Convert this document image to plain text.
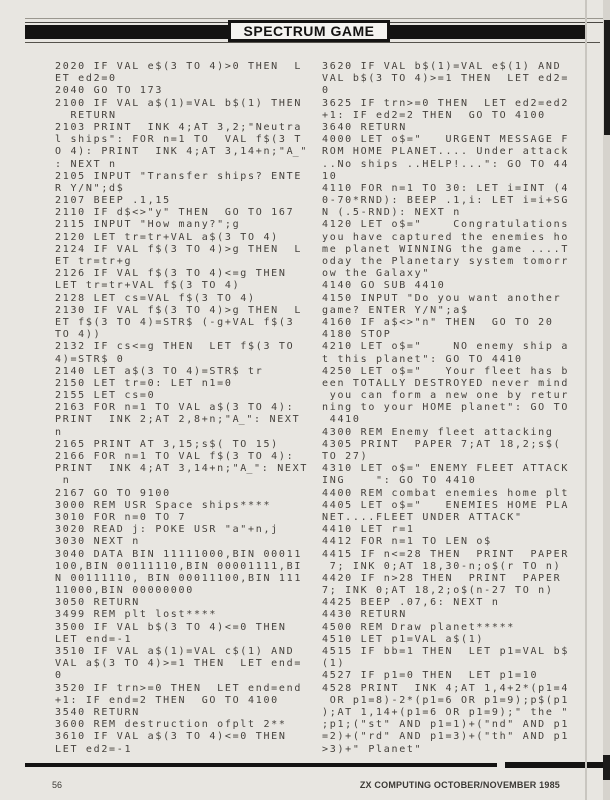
SPECTRUM GAME
2020 IF VAL e$(3 TO 4)>0 THEN  L
ET ed2=0
2040 GO TO 173
2100 IF VAL a$(1)=VAL b$(1) THEN
RETURN
2103 PRINT  INK 4;AT 3,2;"Neutra
l ships": FOR n=1 TO  VAL f$(3 T
O 4): PRINT  INK 4;AT 3,14+n;"A̲"
: NEXT n
2105 INPUT "Transfer ships? ENTE
R Y/N";d$
2107 BEEP .1,15
2110 IF d$<>"y" THEN  GO TO 167
2115 INPUT "How many?";g
2120 LET tr=tr+VAL a$(3 TO 4)
2124 IF VAL f$(3 TO 4)>g THEN  L
ET tr=tr+g
2126 IF VAL f$(3 TO 4)<=g THEN
LET tr=tr+VAL f$(3 TO 4)
2128 LET cs=VAL f$(3 TO 4)
2130 IF VAL f$(3 TO 4)>g THEN  L
ET f$(3 TO 4)=STR$ (-g+VAL f$(3
TO 4))
2132 IF cs<=g THEN  LET f$(3 TO
4)=STR$ 0
2140 LET a$(3 TO 4)=STR$ tr
2150 LET tr=0: LET n1=0
2155 LET cs=0
2163 FOR n=1 TO VAL a$(3 TO 4):
PRINT  INK 2;AT 2,8+n;"A̲": NEXT
n
2165 PRINT AT 3,15;s$( TO 15)
2166 FOR n=1 TO VAL f$(3 TO 4):
PRINT  INK 4;AT 3,14+n;"A̲": NEXT
n
2167 GO TO 9100
3000 REM USR Space ships****
3010 FOR n=0 TO 7
3020 READ j: POKE USR "a"+n,j
3030 NEXT n
3040 DATA BIN 11111000,BIN 00011
100,BIN 00111110,BIN 00001111,BI
N 00111110, BIN 00011100,BIN 111
11000,BIN 00000000
3050 RETURN
3499 REM plt lost****
3500 IF VAL b$(3 TO 4)<=0 THEN
LET end=-1
3510 IF VAL a$(1)=VAL c$(1) AND
VAL a$(3 TO 4)>=1 THEN  LET end=
0
3520 IF trn>=0 THEN  LET end=end
+1: IF end=2 THEN  GO TO 4100
3540 RETURN
3600 REM destruction ofplt 2**
3610 IF VAL a$(3 TO 4)<=0 THEN
LET ed2=-1
3620 IF VAL b$(1)=VAL e$(1) AND
VAL b$(3 TO 4)>=1 THEN  LET ed2=
0
3625 IF trn>=0 THEN  LET ed2=ed2
+1: IF ed2=2 THEN  GO TO 4100
3640 RETURN
4000 LET o$="   URGENT MESSAGE F
ROM HOME PLANET.... Under attack
..No ships ..HELP!...": GO TO 44
10
4110 FOR n=1 TO 30: LET i=INT (4
0-70*RND): BEEP .1,i: LET i=i+SG
N (.5-RND): NEXT n
4120 LET o$="    Congratulations
you have captured the enemies ho
me planet WINNING the game ....T
oday the Planetary system tomorr
ow the Galaxy"
4140 GO SUB 4410
4150 INPUT "Do you want another
game? ENTER Y/N";a$
4160 IF a$<>"n" THEN  GO TO 20
4180 STOP
4210 LET o$="    NO enemy ship a
t this planet": GO TO 4410
4250 LET o$="   Your fleet has b
een TOTALLY DESTROYED never mind
you can form a new one by retur
ning to your HOME planet": GO TO
4410
4300 REM Enemy fleet attacking
4305 PRINT  PAPER 7;AT 18,2;s$(
TO 27)
4310 LET o$=" ENEMY FLEET ATTACK
ING    ": GO TO 4410
4400 REM combat enemies home plt
4405 LET o$="   ENEMIES HOME PLA
NET....FLEET UNDER ATTACK"
4410 LET r=1
4412 FOR n=1 TO LEN o$
4415 IF n<=28 THEN  PRINT  PAPER
7; INK 0;AT 18,30-n;o$(r TO n)
4420 IF n>28 THEN  PRINT  PAPER
7; INK 0;AT 18,2;o$(n-27 TO n)
4425 BEEP .07,6: NEXT n
4430 RETURN
4500 REM Draw planet*****
4510 LET p1=VAL a$(1)
4515 IF bb=1 THEN  LET p1=VAL b$
(1)
4527 IF p1=0 THEN  LET p1=10
4528 PRINT  INK 4;AT 1,4+2*(p1=4
OR p1=8)-2*(p1=6 OR p1=9);p$(p1
);AT 1,14+(p1=6 OR p1=9);" the "
;p1;("st" AND p1=1)+("nd" AND p1
=2)+("rd" AND p1=3)+("th" AND p1
>3)+" Planet"
56	ZX COMPUTING OCTOBER/NOVEMBER 1985
